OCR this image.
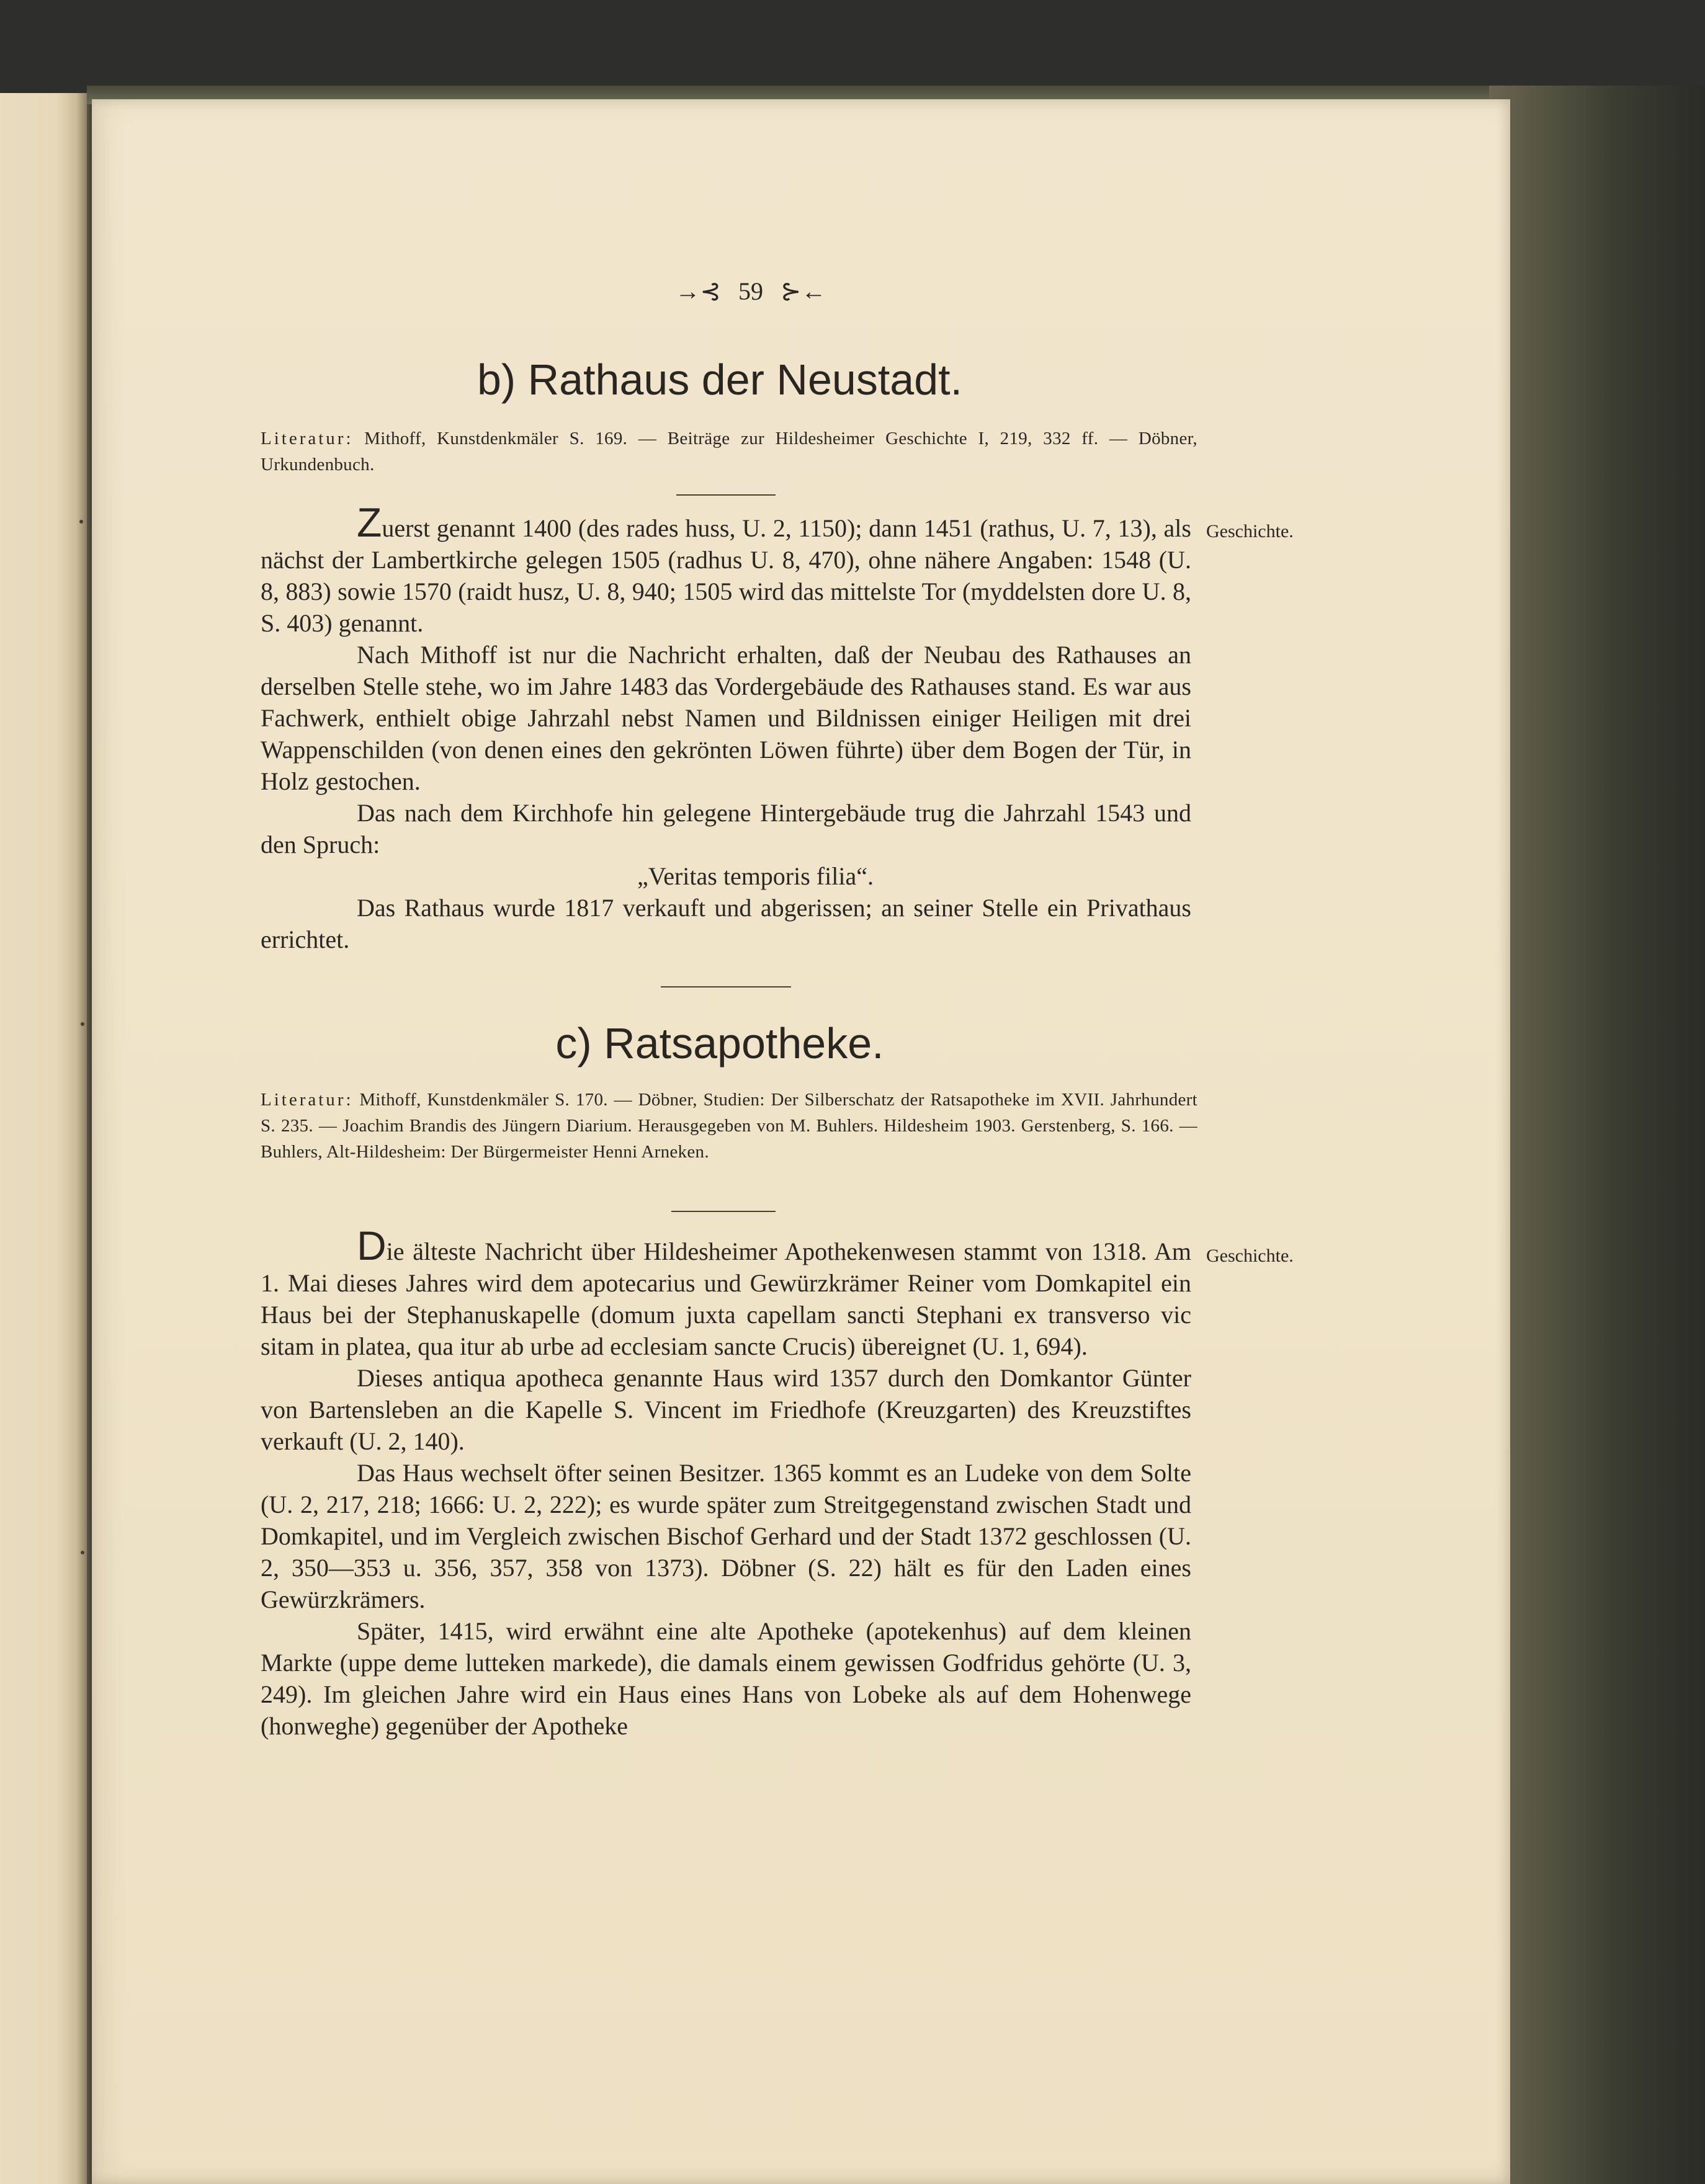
→⊰ 59 ⊱←
b) Rathaus der Neustadt.

Literatur: Mithoff, Kunstdenkmäler S. 169. — Beiträge zur Hildesheimer Geschichte I, 219, 332 ff. — Döbner, Urkundenbuch.

Geschichte.

Zuerst genannt 1400 (des rades huss, U. 2, 1150); dann 1451 (rathus, U. 7, 13), als nächst der Lambertkirche gelegen 1505 (radhus U. 8, 470), ohne nähere Angaben: 1548 (U. 8, 883) sowie 1570 (raidt husz, U. 8, 940; 1505 wird das mittelste Tor (myddelsten dore U. 8, S. 403) genannt.

Nach Mithoff ist nur die Nachricht erhalten, daß der Neubau des Rathauses an derselben Stelle stehe, wo im Jahre 1483 das Vordergebäude des Rathauses stand. Es war aus Fachwerk, enthielt obige Jahrzahl nebst Namen und Bildnissen einiger Heiligen mit drei Wappenschilden (von denen eines den gekrönten Löwen führte) über dem Bogen der Tür, in Holz gestochen.

Das nach dem Kirchhofe hin gelegene Hintergebäude trug die Jahrzahl 1543 und den Spruch:

„Veritas temporis filia“.

Das Rathaus wurde 1817 verkauft und abgerissen; an seiner Stelle ein Privathaus errichtet.

c) Ratsapotheke.

Literatur: Mithoff, Kunstdenkmäler S. 170. — Döbner, Studien: Der Silberschatz der Ratsapotheke im XVII. Jahrhundert S. 235. — Joachim Brandis des Jüngern Diarium. Herausgegeben von M. Buhlers. Hildesheim 1903. Gerstenberg, S. 166. — Buhlers, Alt-Hildesheim: Der Bürgermeister Henni Arneken.

Geschichte.

Die älteste Nachricht über Hildesheimer Apothekenwesen stammt von 1318. Am 1. Mai dieses Jahres wird dem apotecarius und Gewürzkrämer Reiner vom Domkapitel ein Haus bei der Stephanuskapelle (domum juxta capellam sancti Stephani ex transverso vic sitam in platea, qua itur ab urbe ad ecclesiam sancte Crucis) übereignet (U. 1, 694).

Dieses antiqua apotheca genannte Haus wird 1357 durch den Domkantor Günter von Bartensleben an die Kapelle S. Vincent im Friedhofe (Kreuzgarten) des Kreuzstiftes verkauft (U. 2, 140).

Das Haus wechselt öfter seinen Besitzer. 1365 kommt es an Ludeke von dem Solte (U. 2, 217, 218; 1666: U. 2, 222); es wurde später zum Streitgegenstand zwischen Stadt und Domkapitel, und im Vergleich zwischen Bischof Gerhard und der Stadt 1372 geschlossen (U. 2, 350—353 u. 356, 357, 358 von 1373). Döbner (S. 22) hält es für den Laden eines Gewürzkrämers.

Später, 1415, wird erwähnt eine alte Apotheke (apotekenhus) auf dem kleinen Markte (uppe deme lutteken markede), die damals einem gewissen Godfridus gehörte (U. 3, 249). Im gleichen Jahre wird ein Haus eines Hans von Lobeke als auf dem Hohenwege (honweghe) gegenüber der Apotheke
